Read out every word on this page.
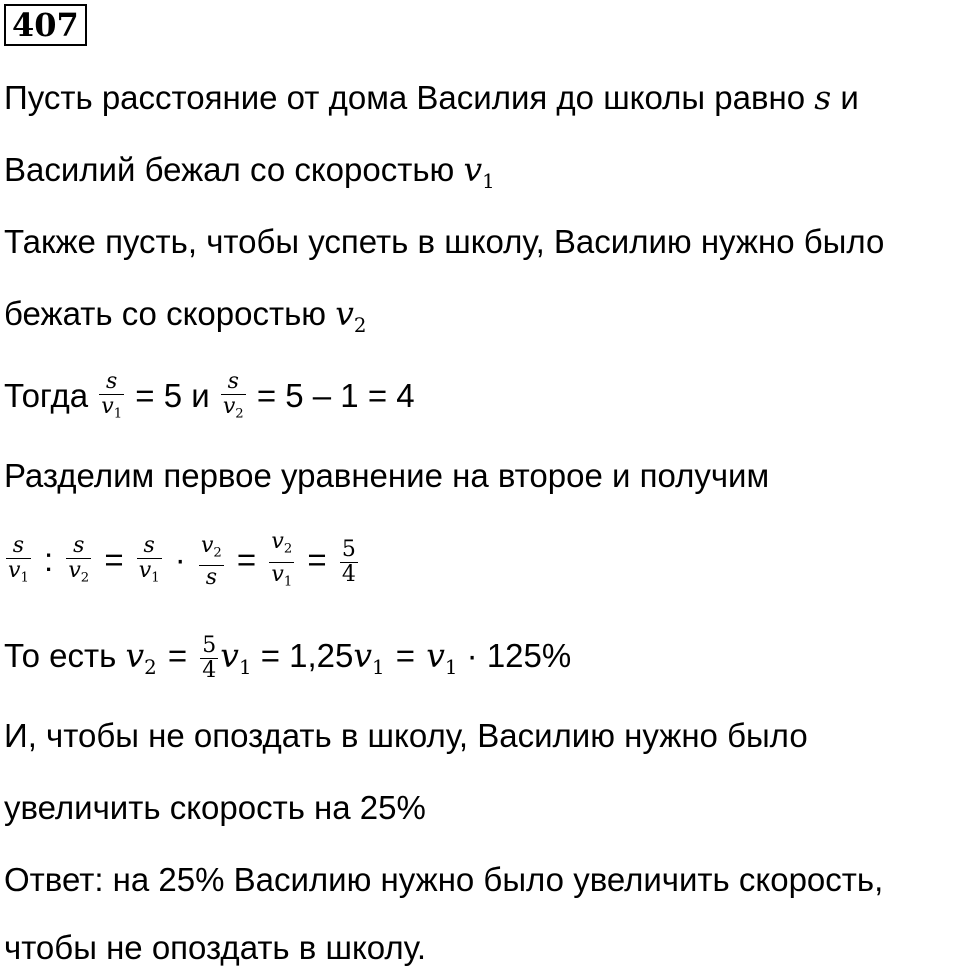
407
Пусть расстояние от дома Василия до школы равно s и
Василий бежал со скоростью $v_1$
Также пусть, чтобы успеть в школу, Василию нужно было
бежать со скоростью $v_2$
Тогда $\frac{s}{v_1} = 5$ и $\frac{s}{v_2} = 5 - 1 = 4$
Разделим первое уравнение на второе и получим
$\frac{s}{v_1}$ : $\frac{s}{v_2} = \frac{s}{v_1} \cdot \frac{v_2}{s} = \frac{v_2}{v_1} = \frac{5}{4}$
То есть $v_2 = \frac{5}{4} v_1 = 1,25v_1 = v_1 \cdot 125\%$
И, чтобы не опоздать в школу, Василию нужно было
увеличить скорость на 25%
Ответ: на 25% Василию нужно было увеличить скорость,
чтобы не опоздать в школу.
